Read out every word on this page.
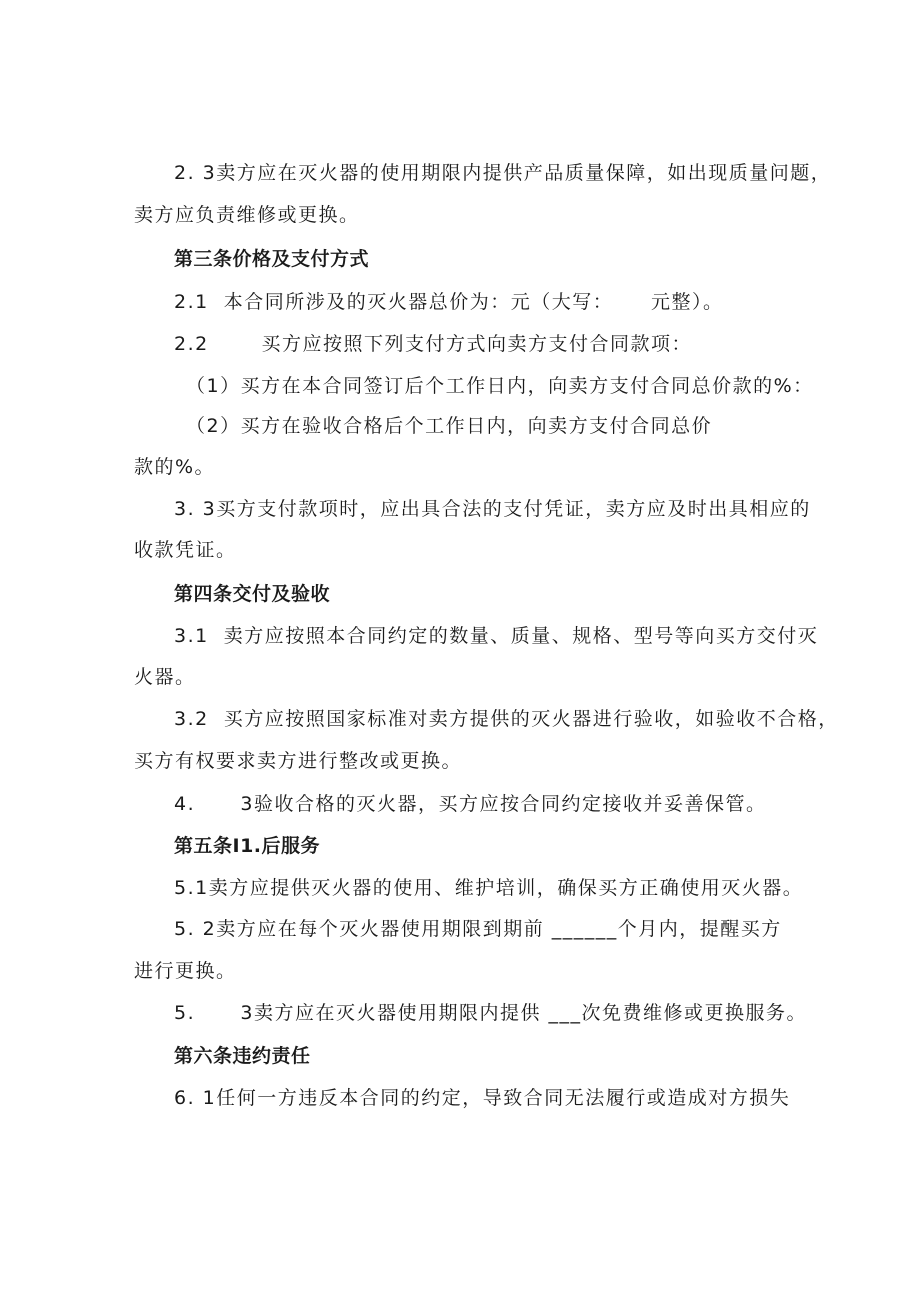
2. 3卖方应在灭火器的使用期限内提供产品质量保障，如出现质量问题，
卖方应负责维修或更换。
第三条价格及支付方式
2.1  本合同所涉及的灭火器总价为：元（大写：     元整）。
2.2       买方应按照下列支付方式向卖方支付合同款项：
（1）买方在本合同签订后个工作日内，向卖方支付合同总价款的%：
（2）买方在验收合格后个工作日内，向卖方支付合同总价
款的%。
3. 3买方支付款项时，应出具合法的支付凭证，卖方应及时出具相应的
收款凭证。
第四条交付及验收
3.1  卖方应按照本合同约定的数量、质量、规格、型号等向买方交付灭
火器。
3.2  买方应按照国家标准对卖方提供的灭火器进行验收，如验收不合格，
买方有权要求卖方进行整改或更换。
4.      3验收合格的灭火器，买方应按合同约定接收并妥善保管。
第五条I1.后服务
5.1卖方应提供灭火器的使用、维护培训，确保买方正确使用灭火器。
5. 2卖方应在每个灭火器使用期限到期前 ______个月内，提醒买方
进行更换。
5.      3卖方应在灭火器使用期限内提供 ___次免费维修或更换服务。
第六条违约责任
6. 1任何一方违反本合同的约定，导致合同无法履行或造成对方损失
